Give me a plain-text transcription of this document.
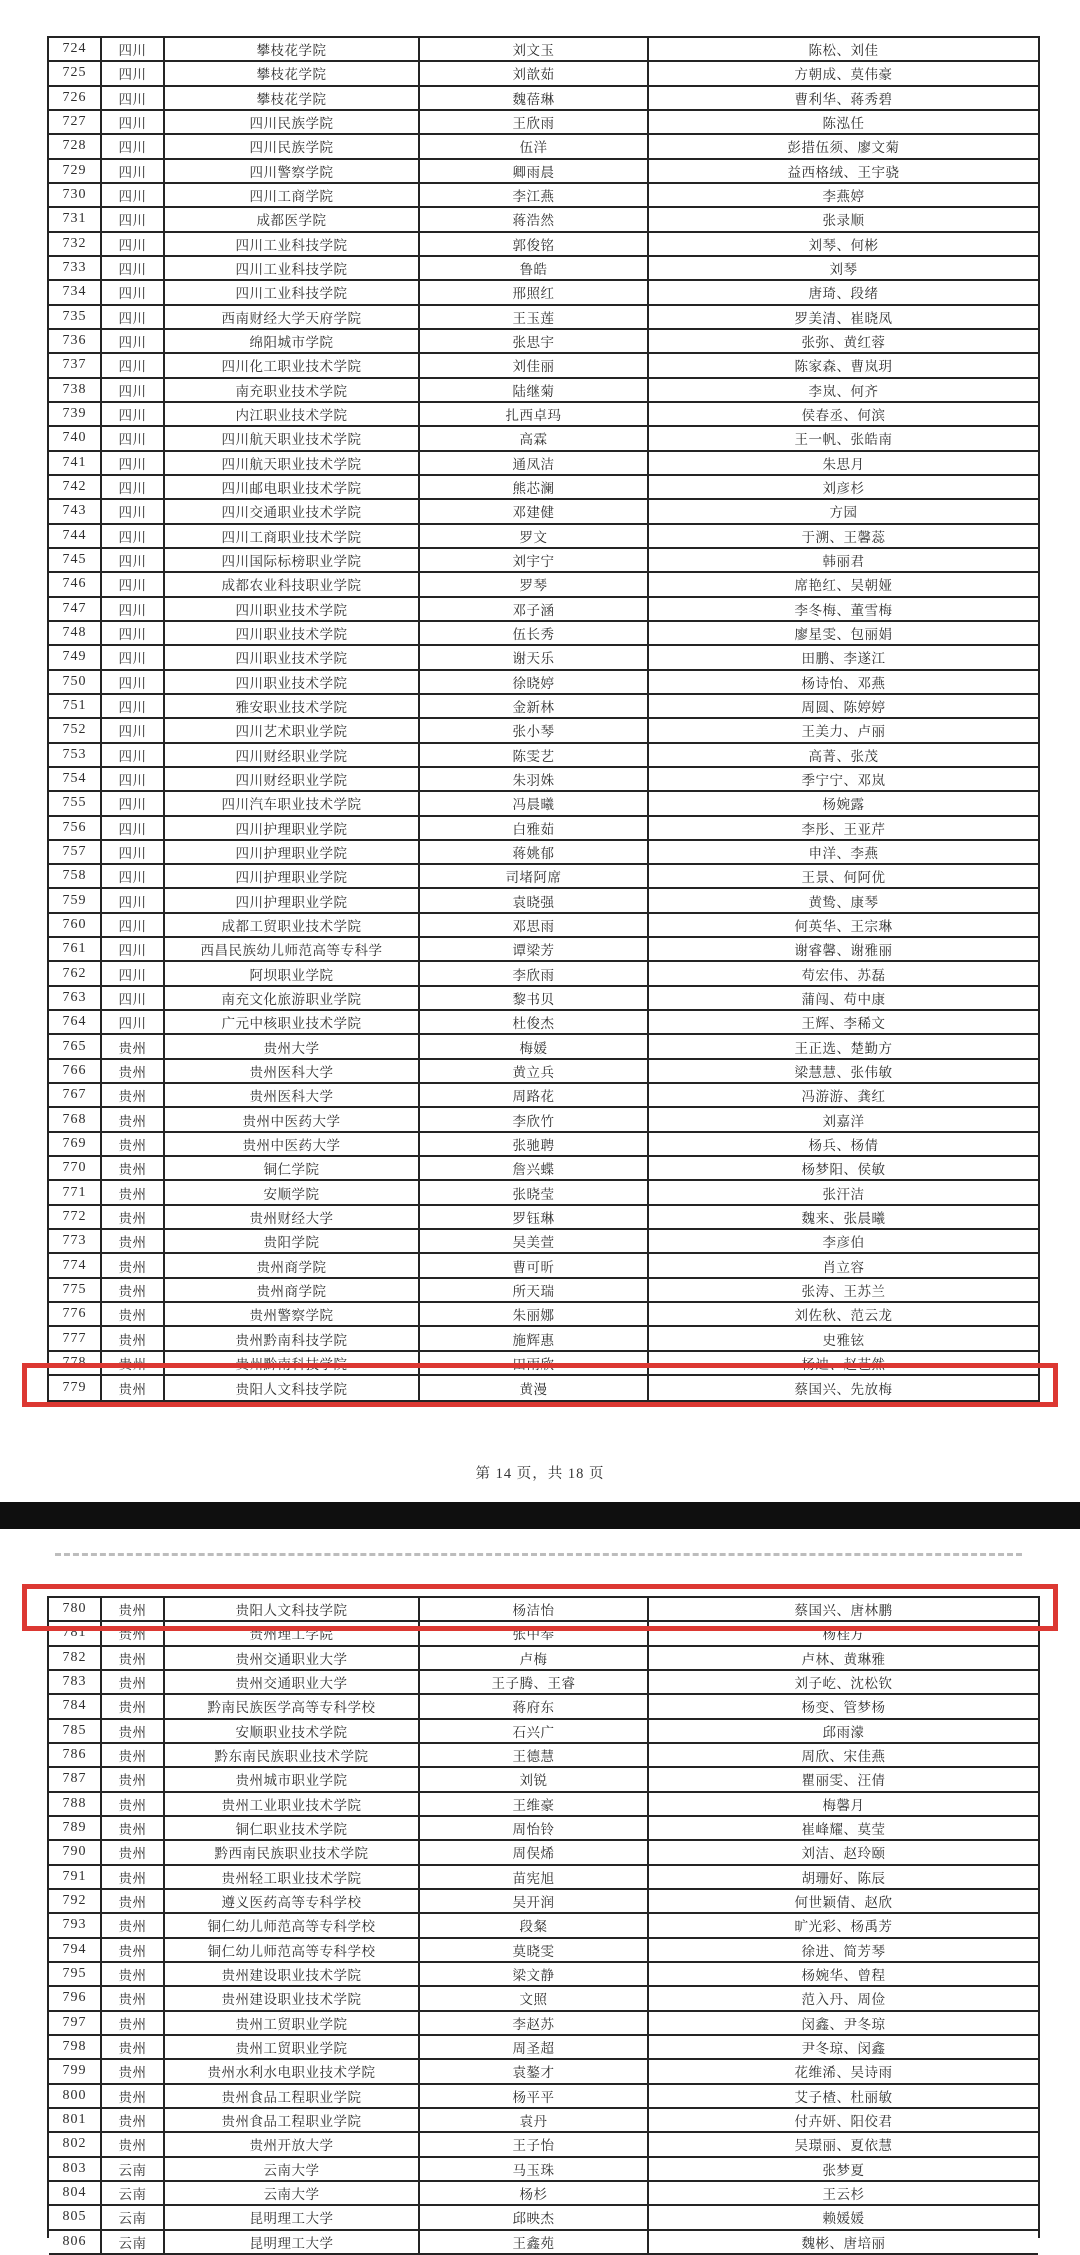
724	四川	攀枝花学院	刘文玉	陈松、刘佳
725	四川	攀枝花学院	刘歆茹	方朝成、莫伟豪
726	四川	攀枝花学院	魏蓓琳	曹利华、蒋秀碧
727	四川	四川民族学院	王欣雨	陈泓任
728	四川	四川民族学院	伍洋	彭措伍须、廖文菊
729	四川	四川警察学院	卿雨晨	益西格绒、王宇骁
730	四川	四川工商学院	李江燕	李燕婷
731	四川	成都医学院	蒋浩然	张录顺
732	四川	四川工业科技学院	郭俊铭	刘琴、何彬
733	四川	四川工业科技学院	鲁皓	刘琴
734	四川	四川工业科技学院	邢照红	唐琦、段绪
735	四川	西南财经大学天府学院	王玉莲	罗美清、崔晓凤
736	四川	绵阳城市学院	张思宇	张弥、黄红蓉
737	四川	四川化工职业技术学院	刘佳丽	陈家森、曹岚玥
738	四川	南充职业技术学院	陆继菊	李岚、何齐
739	四川	内江职业技术学院	扎西卓玛	侯春丞、何滨
740	四川	四川航天职业技术学院	高霖	王一帆、张皓南
741	四川	四川航天职业技术学院	通凤洁	朱思月
742	四川	四川邮电职业技术学院	熊芯澜	刘彦杉
743	四川	四川交通职业技术学院	邓建健	方园
744	四川	四川工商职业技术学院	罗文	于溯、王馨蕊
745	四川	四川国际标榜职业学院	刘宇宁	韩丽君
746	四川	成都农业科技职业学院	罗琴	席艳红、吴朝娅
747	四川	四川职业技术学院	邓子涵	李冬梅、董雪梅
748	四川	四川职业技术学院	伍长秀	廖星雯、包丽娟
749	四川	四川职业技术学院	谢天乐	田鹏、李遂江
750	四川	四川职业技术学院	徐晓婷	杨诗怡、邓燕
751	四川	雅安职业技术学院	金新林	周圆、陈婷婷
752	四川	四川艺术职业学院	张小琴	王美力、卢丽
753	四川	四川财经职业学院	陈雯艺	高菁、张茂
754	四川	四川财经职业学院	朱羽姝	季宁宁、邓岚
755	四川	四川汽车职业技术学院	冯晨曦	杨婉露
756	四川	四川护理职业学院	白雅茹	李彤、王亚芹
757	四川	四川护理职业学院	蒋姚郁	申洋、李燕
758	四川	四川护理职业学院	司堵阿席	王景、何阿优
759	四川	四川护理职业学院	袁晓强	黄鸷、康琴
760	四川	成都工贸职业技术学院	邓思雨	何英华、王宗琳
761	四川	西昌民族幼儿师范高等专科学	谭梁芳	谢睿馨、谢雅丽
762	四川	阿坝职业学院	李欣雨	苟宏伟、苏磊
763	四川	南充文化旅游职业学院	黎书贝	蒲闯、苟中康
764	四川	广元中核职业技术学院	杜俊杰	王辉、李稀文
765	贵州	贵州大学	梅媛	王正选、楚勤方
766	贵州	贵州医科大学	黄立兵	梁慧慧、张伟敏
767	贵州	贵州医科大学	周路花	冯游游、龚红
768	贵州	贵州中医药大学	李欣竹	刘嘉洋
769	贵州	贵州中医药大学	张驰聘	杨兵、杨倩
770	贵州	铜仁学院	詹兴蝶	杨梦阳、侯敏
771	贵州	安顺学院	张晓莹	张汗洁
772	贵州	贵州财经大学	罗钰琳	魏来、张晨曦
773	贵州	贵阳学院	吴美萱	李彦伯
774	贵州	贵州商学院	曹可昕	肖立容
775	贵州	贵州商学院	所天瑞	张涛、王苏兰
776	贵州	贵州警察学院	朱丽娜	刘佐秋、范云龙
777	贵州	贵州黔南科技学院	施辉惠	史雅铉
778	贵州	贵州黔南科技学院	田雨欣	杨迪、赵艺然
779	贵州	贵阳人文科技学院	黄漫	蔡国兴、先放梅
第 14 页，共 18 页
780	贵州	贵阳人文科技学院	杨洁怡	蔡国兴、唐林鹏
781	贵州	贵州理工学院	张中奉	杨桂方
782	贵州	贵州交通职业大学	卢梅	卢林、黄琳雅
783	贵州	贵州交通职业大学	王子腾、王睿	刘子屹、沈松钦
784	贵州	黔南民族医学高等专科学校	蒋府东	杨变、管梦杨
785	贵州	安顺职业技术学院	石兴广	邱雨濛
786	贵州	黔东南民族职业技术学院	王德慧	周欣、宋佳燕
787	贵州	贵州城市职业学院	刘锐	瞿丽雯、汪倩
788	贵州	贵州工业职业技术学院	王维豪	梅馨月
789	贵州	铜仁职业技术学院	周怡铃	崔峰耀、莫莹
790	贵州	黔西南民族职业技术学院	周俣烯	刘洁、赵玲颐
791	贵州	贵州轻工职业技术学院	苗宪旭	胡珊好、陈辰
792	贵州	遵义医药高等专科学校	吴开润	何世颖倩、赵欣
793	贵州	铜仁幼儿师范高等专科学校	段粲	旷光彩、杨禹芳
794	贵州	铜仁幼儿师范高等专科学校	莫晓雯	徐进、简芳琴
795	贵州	贵州建设职业技术学院	梁文静	杨婉华、曾程
796	贵州	贵州建设职业技术学院	文照	范入丹、周俭
797	贵州	贵州工贸职业学院	李赵苏	闵鑫、尹冬琼
798	贵州	贵州工贸职业学院	周圣超	尹冬琼、闵鑫
799	贵州	贵州水利水电职业技术学院	袁鏊才	花维浠、吴诗雨
800	贵州	贵州食品工程职业学院	杨平平	艾子楂、杜丽敏
801	贵州	贵州食品工程职业学院	袁丹	付卉妍、阳佼君
802	贵州	贵州开放大学	王子怡	吴璟丽、夏依慧
803	云南	云南大学	马玉珠	张梦夏
804	云南	云南大学	杨杉	王云杉
805	云南	昆明理工大学	邱映杰	赖媛媛
806	云南	昆明理工大学	王鑫苑	魏彬、唐培丽
